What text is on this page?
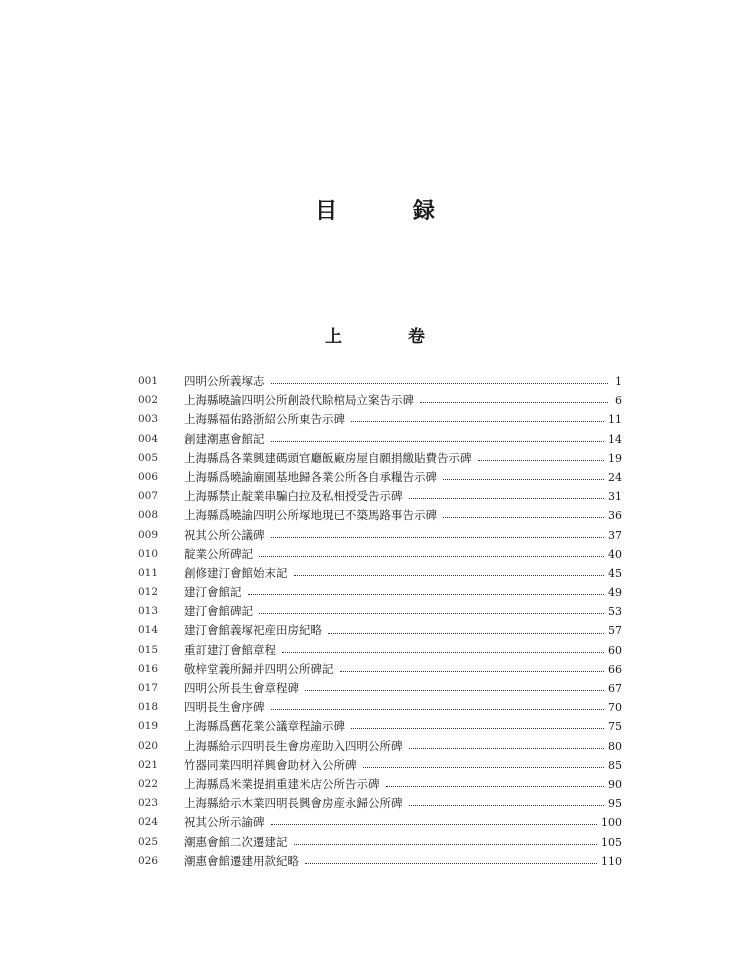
目 録
上 卷
001	四明公所義塚志	1
002	上海縣曉諭四明公所創設代賒棺局立案告示碑	6
003	上海縣福佑路浙紹公所東告示碑	11
004	創建潮惠會館記	14
005	上海縣爲各業興建碼頭官廳飯廠房屋自願捐繳貼費告示碑	19
006	上海縣爲曉諭廟園基地歸各業公所各自承糧告示碑	24
007	上海縣禁止靛業串騙白拉及私相授受告示碑	31
008	上海縣爲曉諭四明公所塚地現已不築馬路事告示碑	36
009	祝其公所公議碑	37
010	靛業公所碑記	40
011	創修建汀會館始末記	45
012	建汀會館記	49
013	建汀會館碑記	53
014	建汀會館義塚祀産田房紀略	57
015	重訂建汀會館章程	60
016	敬梓堂義所歸并四明公所碑記	66
017	四明公所長生會章程碑	67
018	四明長生會序碑	70
019	上海縣爲舊花業公議章程諭示碑	75
020	上海縣給示四明長生會房産助入四明公所碑	80
021	竹器同業四明祥興會助材入公所碑	85
022	上海縣爲米業提捐重建米店公所告示碑	90
023	上海縣給示木業四明長興會房産永歸公所碑	95
024	祝其公所示諭碑	100
025	潮惠會館二次遷建記	105
026	潮惠會館遷建用款紀略	110
